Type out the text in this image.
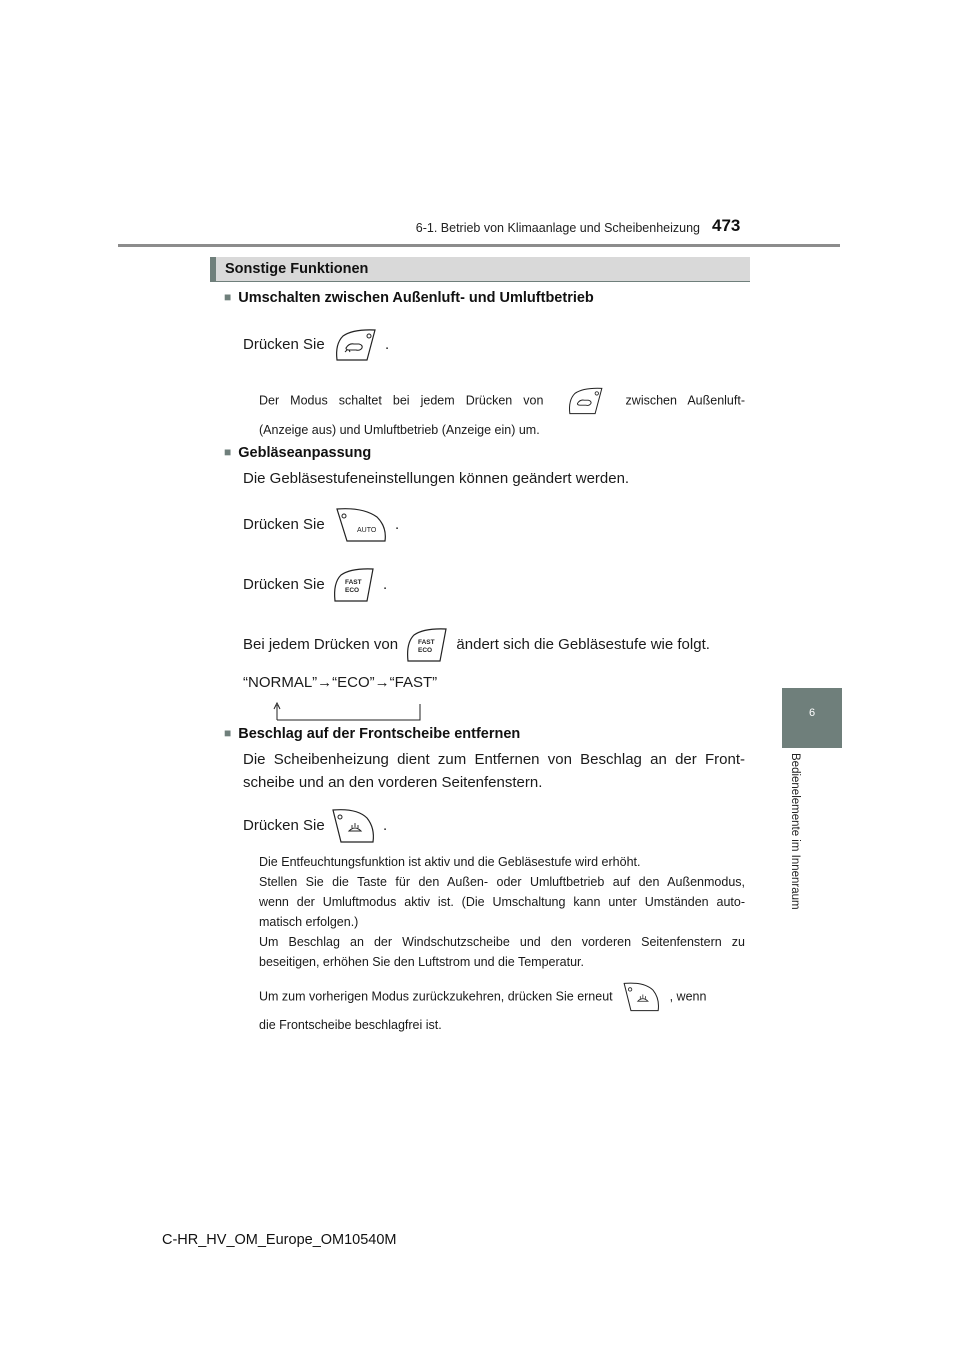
6-1. Betrieb von Klimaanlage und Scheibenheizung 473
6
Bedienelemente im Innenraum
Sonstige Funktionen
■ Umschalten zwischen Außenluft- und Umluftbetrieb
Drücken Sie	.
Der Modus schaltet bei jedem Drücken von	zwischen Außenluft-
(Anzeige aus) und Umluftbetrieb (Anzeige ein) um.
■ Gebläseanpassung
Die Gebläsestufeneinstellungen können geändert werden.
Drücken Sie	AUTO .
Drücken Sie	FAST
ECO .
Bei jedem Drücken von	FAST
ECO ändert sich die Gebläsestufe wie folgt.
“NORMAL”→“ECO”→“FAST”
■ Beschlag auf der Frontscheibe entfernen
Die Scheibenheizung dient zum Entfernen von Beschlag an der Front-
scheibe und an den vorderen Seitenfenstern.
Drücken Sie	.
Die Entfeuchtungsfunktion ist aktiv und die Gebläsestufe wird erhöht.
Stellen Sie die Taste für den Außen- oder Umluftbetrieb auf den Außenmodus,
wenn der Umluftmodus aktiv ist. (Die Umschaltung kann unter Umständen auto-
matisch erfolgen.)
Um Beschlag an der Windschutzscheibe und den vorderen Seitenfenstern zu
beseitigen, erhöhen Sie den Luftstrom und die Temperatur.
Um zum vorherigen Modus zurückzukehren, drücken Sie erneut	, wenn
die Frontscheibe beschlagfrei ist.
C-HR_HV_OM_Europe_OM10540M
